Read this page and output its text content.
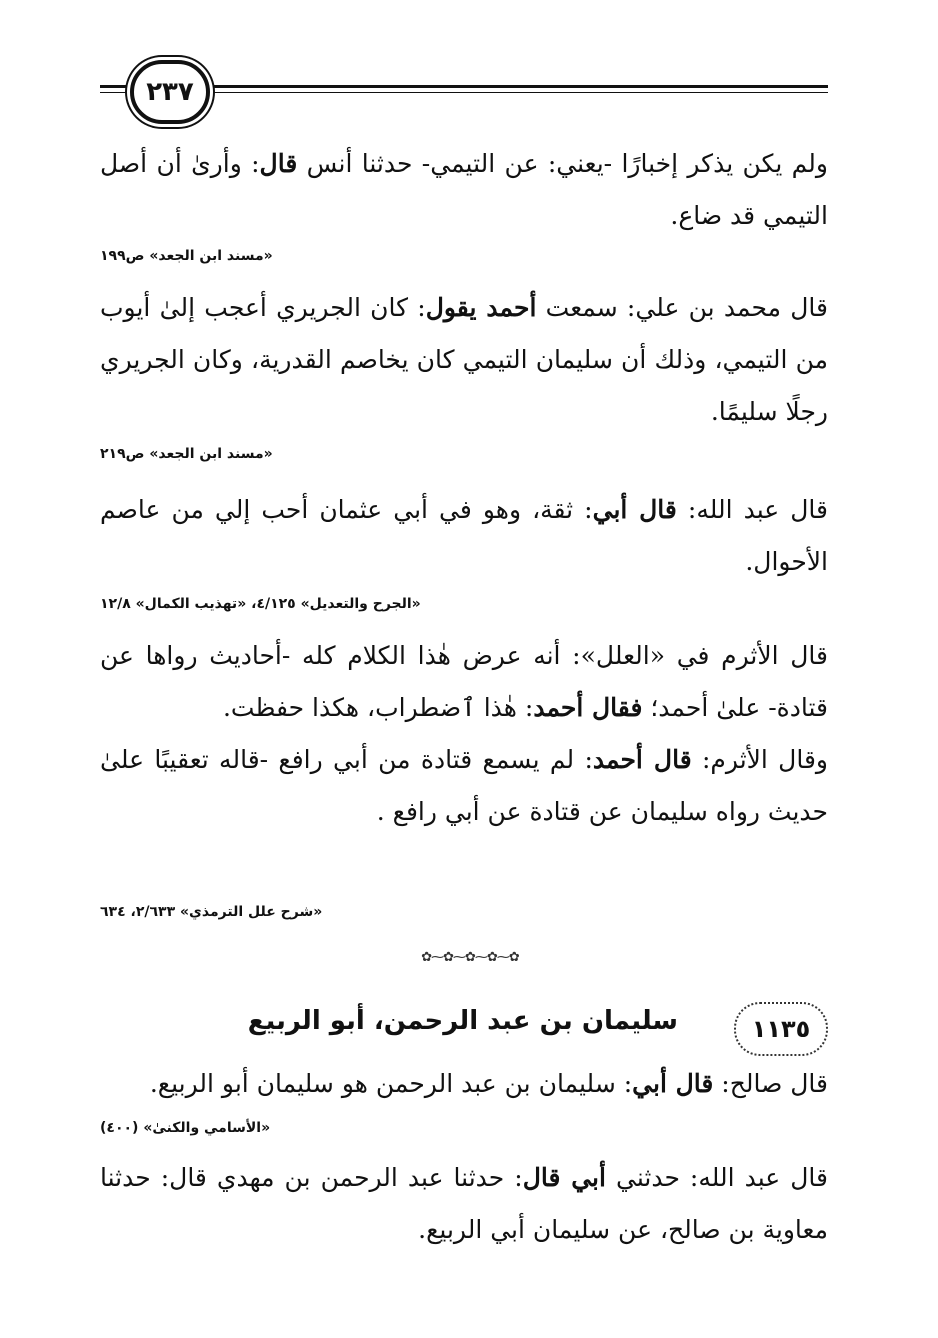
٢٣٧
ولم يكن يذكر إخبارًا -يعني: عن التيمي- حدثنا أنس قال: وأرىٰ أن أصل التيمي قد ضاع.
«مسند ابن الجعد» ص١٩٩
قال محمد بن علي: سمعت أحمد يقول: كان الجريري أعجب إلىٰ أيوب من التيمي، وذلك أن سليمان التيمي كان يخاصم القدرية، وكان الجريري رجلًا سليمًا.
«مسند ابن الجعد» ص٢١٩
قال عبد الله: قال أبي: ثقة، وهو في أبي عثمان أحب إلي من عاصم الأحوال.
«الجرح والتعديل» ٤/١٢٥، «تهذيب الكمال» ١٢/٨
قال الأثرم في «العلل»: أنه عرض هٰذا الكلام كله -أحاديث رواها عن قتادة- علىٰ أحمد؛ فقال أحمد: هٰذا ٱضطراب، هكذا حفظت.
وقال الأثرم: قال أحمد: لم يسمع قتادة من أبي رافع -قاله تعقيبًا علىٰ حديث رواه سليمان عن قتادة عن أبي رافع .
«شرح علل الترمذي» ٢/٦٣٣، ٦٣٤
قال صالح: قال أبي: سليمان بن عبد الرحمن هو سليمان أبو الربيع.
«الأسامي والكنىٰ» (٤٠٠)
قال عبد الله: حدثني أبي قال: حدثنا عبد الرحمن بن مهدي قال: حدثنا معاوية بن صالح، عن سليمان أبي الربيع.
✿⁓✿⁓✿⁓✿⁓✿
١١٣٥
سليمان بن عبد الرحمن، أبو الربيع
